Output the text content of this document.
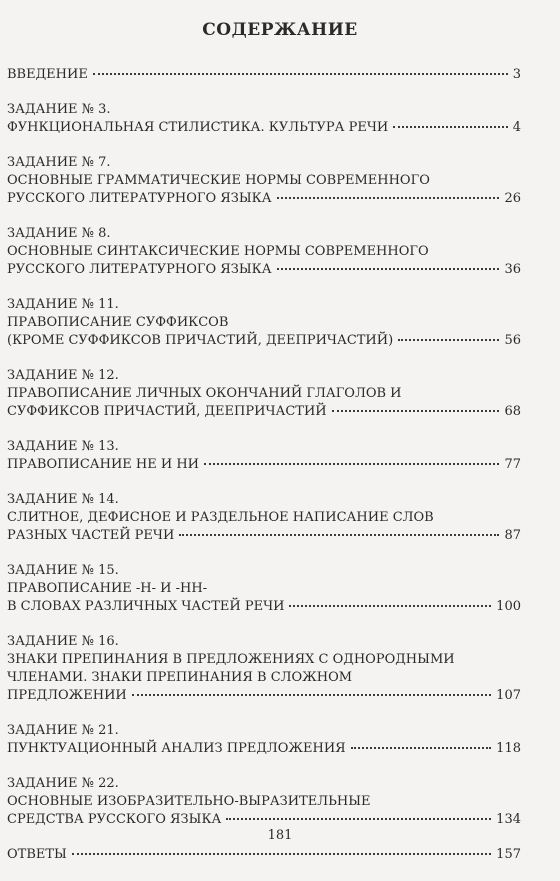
СОДЕРЖАНИЕ
ВВЕДЕНИЕ	3
ЗАДАНИЕ № 3.
ФУНКЦИОНАЛЬНАЯ СТИЛИСТИКА. КУЛЬТУРА РЕЧИ	4
ЗАДАНИЕ № 7.
ОСНОВНЫЕ ГРАММАТИЧЕСКИЕ НОРМЫ СОВРЕМЕННОГО
РУССКОГО ЛИТЕРАТУРНОГО ЯЗЫКА	26
ЗАДАНИЕ № 8.
ОСНОВНЫЕ СИНТАКСИЧЕСКИЕ НОРМЫ СОВРЕМЕННОГО
РУССКОГО ЛИТЕРАТУРНОГО ЯЗЫКА	36
ЗАДАНИЕ № 11.
ПРАВОПИСАНИЕ СУФФИКСОВ
(КРОМЕ СУФФИКСОВ ПРИЧАСТИЙ, ДЕЕПРИЧАСТИЙ)	56
ЗАДАНИЕ № 12.
ПРАВОПИСАНИЕ ЛИЧНЫХ ОКОНЧАНИЙ ГЛАГОЛОВ И
СУФФИКСОВ ПРИЧАСТИЙ, ДЕЕПРИЧАСТИЙ	68
ЗАДАНИЕ № 13.
ПРАВОПИСАНИЕ НЕ И НИ	77
ЗАДАНИЕ № 14.
СЛИТНОЕ, ДЕФИСНОЕ И РАЗДЕЛЬНОЕ НАПИСАНИЕ СЛОВ
РАЗНЫХ ЧАСТЕЙ РЕЧИ	87
ЗАДАНИЕ № 15.
ПРАВОПИСАНИЕ -Н- И -НН-
В СЛОВАХ РАЗЛИЧНЫХ ЧАСТЕЙ РЕЧИ	100
ЗАДАНИЕ № 16.
ЗНАКИ ПРЕПИНАНИЯ В ПРЕДЛОЖЕНИЯХ С ОДНОРОДНЫМИ
ЧЛЕНАМИ. ЗНАКИ ПРЕПИНАНИЯ В СЛОЖНОМ
ПРЕДЛОЖЕНИИ	107
ЗАДАНИЕ № 21.
ПУНКТУАЦИОННЫЙ АНАЛИЗ ПРЕДЛОЖЕНИЯ	118
ЗАДАНИЕ № 22.
ОСНОВНЫЕ ИЗОБРАЗИТЕЛЬНО-ВЫРАЗИТЕЛЬНЫЕ
СРЕДСТВА РУССКОГО ЯЗЫКА	134
ОТВЕТЫ	157
181
